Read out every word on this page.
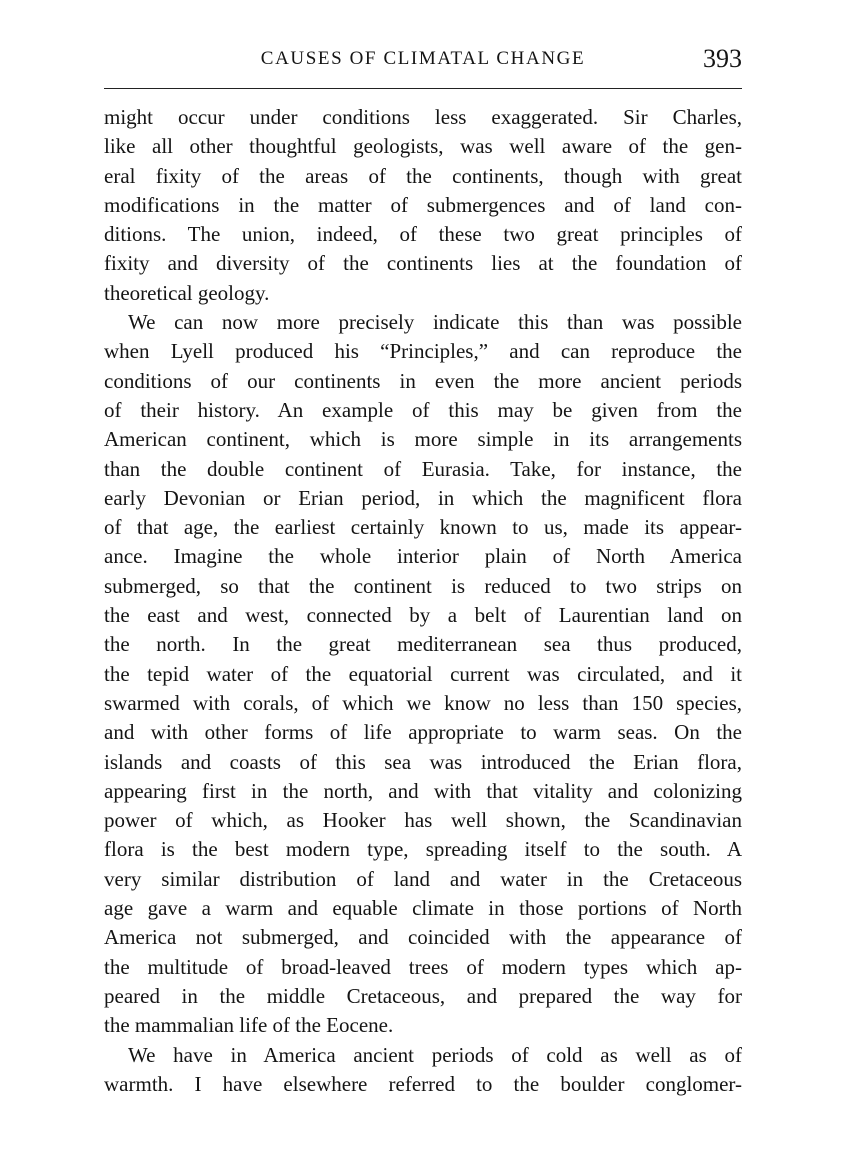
CAUSES OF CLIMATAL CHANGE	393
might occur under conditions less exaggerated. Sir Charles,
like all other thoughtful geologists, was well aware of the gen-
eral fixity of the areas of the continents, though with great
modifications in the matter of submergences and of land con-
ditions. The union, indeed, of these two great principles of
fixity and diversity of the continents lies at the foundation of
theoretical geology.
We can now more precisely indicate this than was possible
when Lyell produced his “Principles,” and can reproduce the
conditions of our continents in even the more ancient periods
of their history. An example of this may be given from the
American continent, which is more simple in its arrangements
than the double continent of Eurasia. Take, for instance, the
early Devonian or Erian period, in which the magnificent flora
of that age, the earliest certainly known to us, made its appear-
ance. Imagine the whole interior plain of North America
submerged, so that the continent is reduced to two strips on
the east and west, connected by a belt of Laurentian land on
the north. In the great mediterranean sea thus produced,
the tepid water of the equatorial current was circulated, and it
swarmed with corals, of which we know no less than 150 species,
and with other forms of life appropriate to warm seas. On the
islands and coasts of this sea was introduced the Erian flora,
appearing first in the north, and with that vitality and colonizing
power of which, as Hooker has well shown, the Scandinavian
flora is the best modern type, spreading itself to the south. A
very similar distribution of land and water in the Cretaceous
age gave a warm and equable climate in those portions of North
America not submerged, and coincided with the appearance of
the multitude of broad-leaved trees of modern types which ap-
peared in the middle Cretaceous, and prepared the way for
the mammalian life of the Eocene.
We have in America ancient periods of cold as well as of
warmth. I have elsewhere referred to the boulder conglomer-
